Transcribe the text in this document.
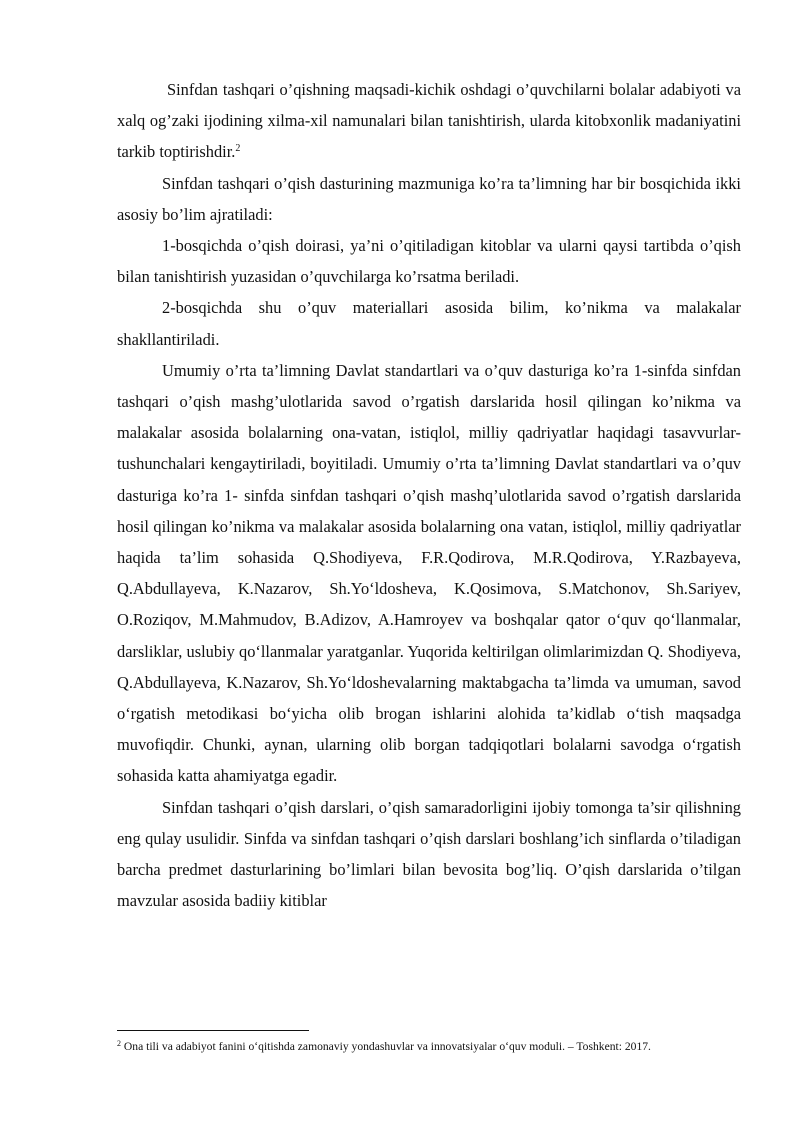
Sinfdan tashqari o’qishning maqsadi-kichik oshdagi o’quvchilarni bolalar adabiyoti va xalq og’zaki ijodining xilma-xil namunalari bilan tanishtirish, ularda kitobxonlik madaniyatini tarkib toptirishdir.$^2$

Sinfdan tashqari o’qish dasturining mazmuniga ko’ra ta’limning har bir bosqichida ikki asosiy bo’lim ajratiladi:

1-bosqichda o’qish doirasi, ya’ni o’qitiladigan kitoblar va ularni qaysi tartibda o’qish bilan tanishtirish yuzasidan o’quvchilarga ko’rsatma beriladi.

2-bosqichda shu o’quv materiallari asosida bilim, ko’nikma va malakalar shakllantiriladi.

Umumiy o’rta ta’limning Davlat standartlari va o’quv dasturiga ko’ra 1-sinfda sinfdan tashqari o’qish mashg’ulotlarida savod o’rgatish darslarida hosil qilingan ko’nikma va malakalar asosida bolalarning ona-vatan, istiqlol, milliy qadriyatlar haqidagi tasavvurlar-tushunchalari kengaytiriladi, boyitiladi. Umumiy o’rta ta’limning Davlat standartlari va o’quv dasturiga ko’ra 1- sinfda sinfdan tashqari o’qish mashq’ulotlarida savod o’rgatish darslarida hosil qilingan ko’nikma va malakalar asosida bolalarning ona vatan, istiqlol, milliy qadriyatlar haqida ta’lim sohasida Q.Shodiyeva, F.R.Qodirova, M.R.Qodirova, Y.Razbayeva, Q.Abdullayeva, K.Nazarov, Sh.Yo‘ldosheva, K.Qosimova, S.Matchonov, Sh.Sariyev, O.Roziqov, M.Mahmudov, B.Adizov, A.Hamroyev va boshqalar qator o‘quv qo‘llanmalar, darsliklar, uslubiy qo‘llanmalar yaratganlar. Yuqorida keltirilgan olimlarimizdan Q. Shodiyeva, Q.Abdullayeva, K.Nazarov, Sh.Yo‘ldoshevalarning maktabgacha ta’limda va umuman, savod o‘rgatish metodikasi bo‘yicha olib brogan ishlarini alohida ta’kidlab o‘tish maqsadga muvofiqdir. Chunki, aynan, ularning olib borgan tadqiqotlari bolalarni savodga o‘rgatish sohasida katta ahamiyatga egadir.

Sinfdan tashqari o’qish darslari, o’qish samaradorligini ijobiy tomonga ta’sir qilishning eng qulay usulidir. Sinfda va sinfdan tashqari o’qish darslari boshlang’ich sinflarda o’tiladigan barcha predmet dasturlarining bo’limlari bilan bevosita bog’liq. O’qish darslarida o’tilgan mavzular asosida badiiy kitiblar

$^2$ Ona tili va adabiyot fanini o‘qitishda zamonaviy yondashuvlar va innovatsiyalar o‘quv moduli. – Toshkent: 2017.
